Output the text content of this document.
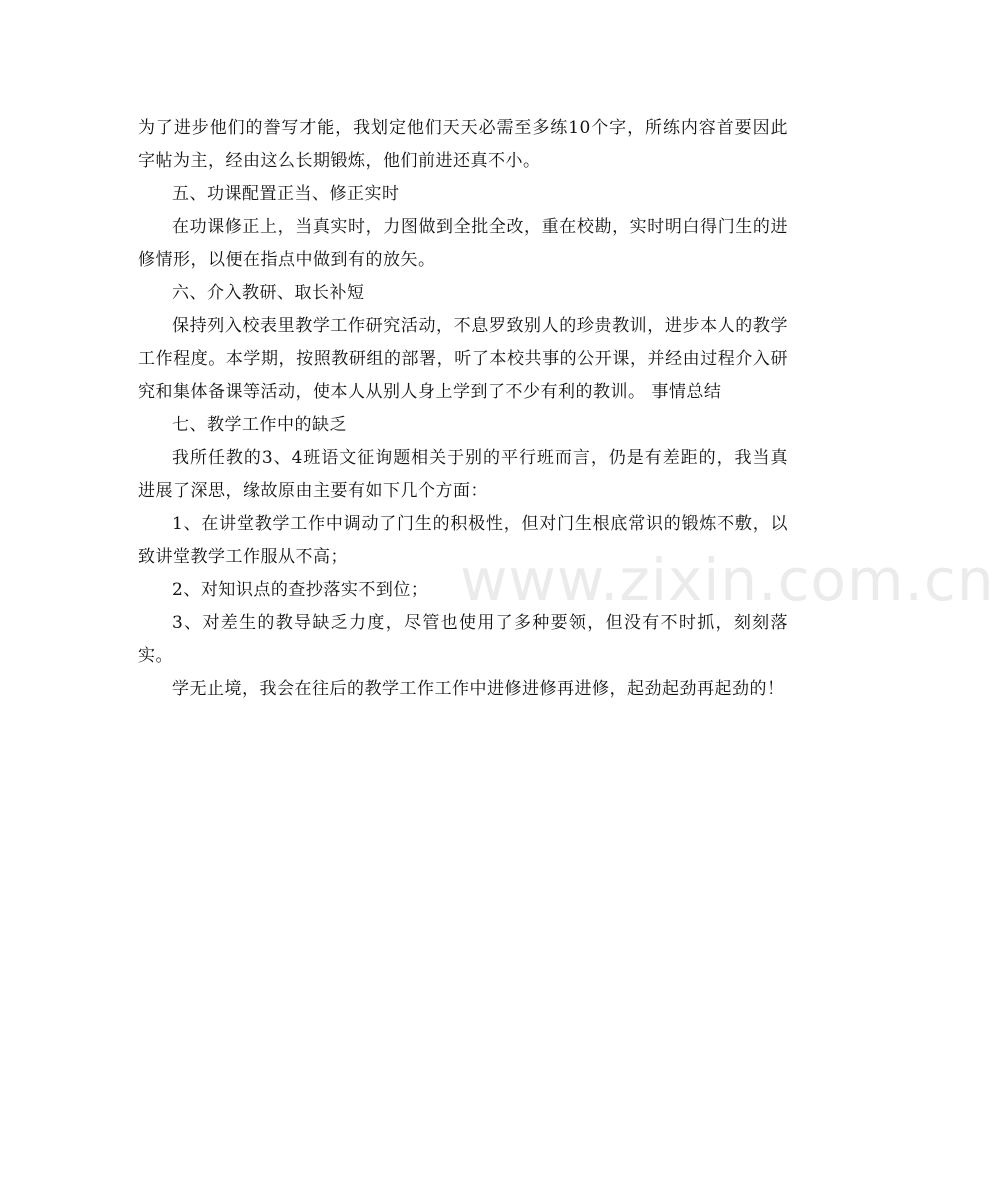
为了进步他们的誊写才能，我划定他们天天必需至多练10个字，所练内容首要因此字帖为主，经由这么长期锻炼，他们前进还真不小。

五、功课配置正当、修正实时

在功课修正上，当真实时，力图做到全批全改，重在校勘，实时明白得门生的进修情形，以便在指点中做到有的放矢。

六、介入教研、取长补短

保持列入校表里教学工作研究活动，不息罗致别人的珍贵教训，进步本人的教学工作程度。本学期，按照教研组的部署，听了本校共事的公开课，并经由过程介入研究和集体备课等活动，使本人从别人身上学到了不少有利的教训。 事情总结

七、教学工作中的缺乏

我所任教的3、4班语文征询题相关于别的平行班而言，仍是有差距的，我当真进展了深思，缘故原由主要有如下几个方面：

1、在讲堂教学工作中调动了门生的积极性，但对门生根底常识的锻炼不敷，以致讲堂教学工作服从不高；

2、对知识点的查抄落实不到位；

3、对差生的教导缺乏力度，尽管也使用了多种要领，但没有不时抓，刻刻落实。

学无止境，我会在往后的教学工作工作中进修进修再进修，起劲起劲再起劲的！

www.zixin.com.cn
